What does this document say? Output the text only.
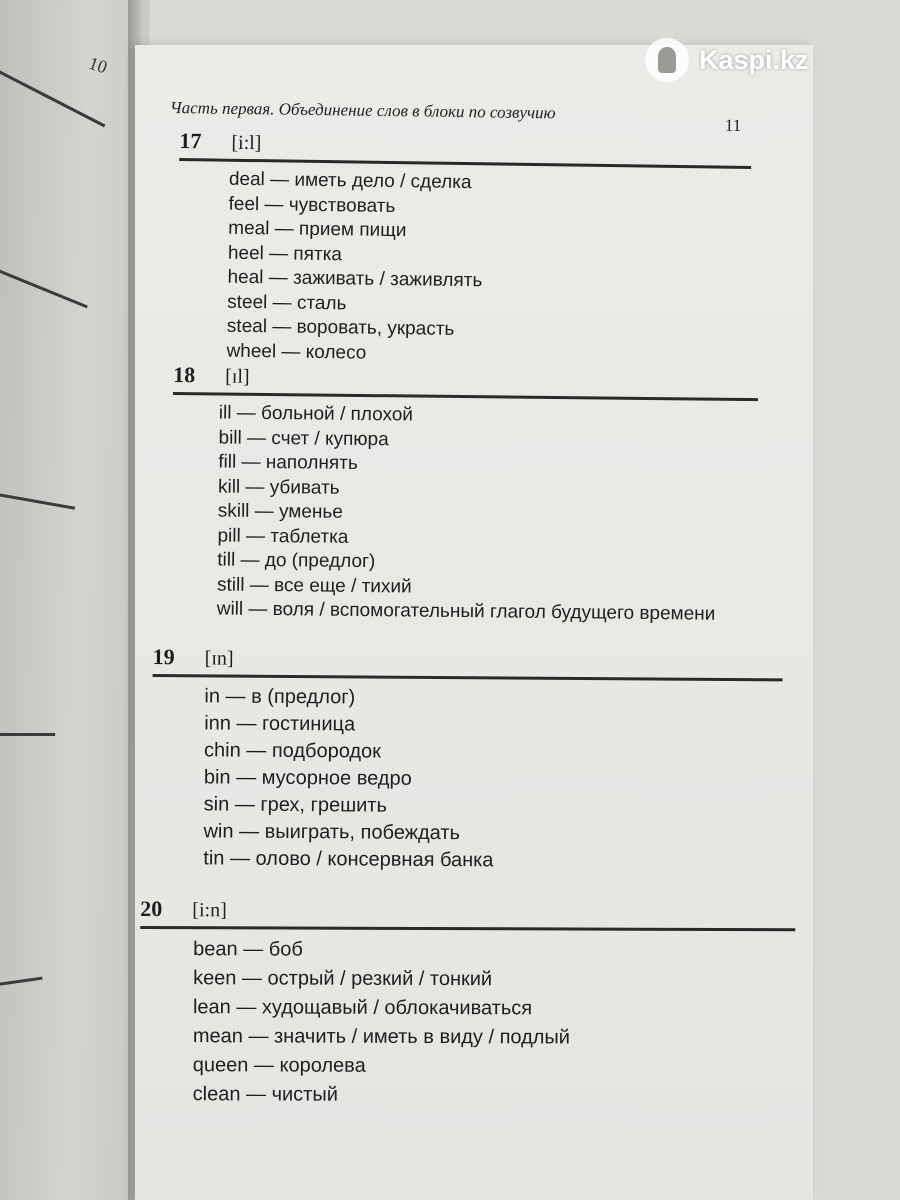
10	Kaspi.kz
Часть первая. Объединение слов в блоки по созвучию
11
17	[i:l]
deal — иметь дело / сделка
feel — чувствовать
meal — прием пищи
heel — пятка
heal — заживать / заживлять
steel — сталь
steal — воровать, украсть
wheel — колесо
18	[ɪl]
ill — больной / плохой
bill — счет / купюра
fill — наполнять
kill — убивать
skill — уменье
pill — таблетка
till — до (предлог)
still — все еще / тихий
will — воля / вспомогательный глагол будущего времени
19	[ɪn]
in — в (предлог)
inn — гостиница
chin — подбородок
bin — мусорное ведро
sin — грех, грешить
win — выиграть, побеждать
tin — олово / консервная банка
20	[i:n]
bean — боб
keen — острый / резкий / тонкий
lean — худощавый / облокачиваться
mean — значить / иметь в виду / подлый
queen — королева
clean — чистый
